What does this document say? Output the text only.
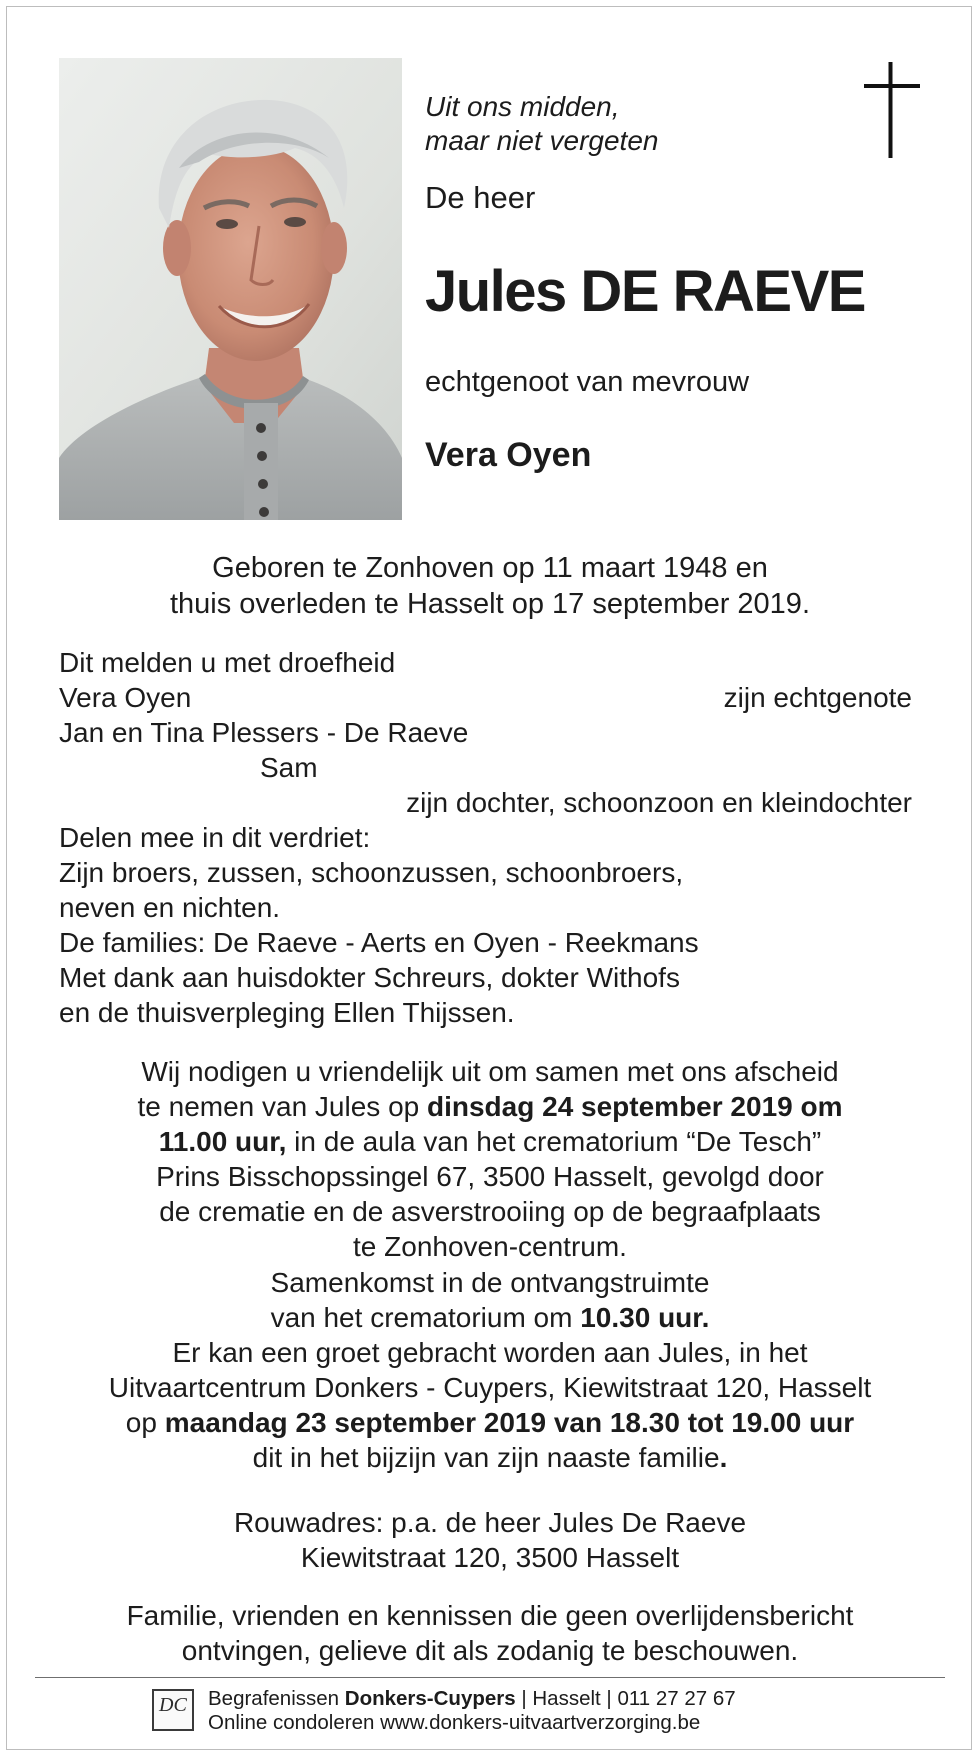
Uit ons midden,
maar niet vergeten
De heer
Jules DE RAEVE
echtgenoot van mevrouw
Vera Oyen
Geboren te Zonhoven op 11 maart 1948 en
thuis overleden te Hasselt op 17 september 2019.
Dit melden u met droefheid
Vera Oyen	zijn echtgenote
Jan en Tina Plessers - De Raeve
Sam
zijn dochter, schoonzoon en kleindochter
Delen mee in dit verdriet:
Zijn broers, zussen, schoonzussen, schoonbroers,
neven en nichten.
De families: De Raeve - Aerts en Oyen - Reekmans
Met dank aan huisdokter Schreurs, dokter Withofs
en de thuisverpleging Ellen Thijssen.
Wij nodigen u vriendelijk uit om samen met ons afscheid
te nemen van Jules op dinsdag 24 september 2019 om
11.00 uur, in de aula van het crematorium “De Tesch”
Prins Bisschopssingel 67, 3500 Hasselt, gevolgd door
de crematie en de asverstrooiing op de begraafplaats
te Zonhoven-centrum.
Samenkomst in de ontvangstruimte
van het crematorium om 10.30 uur.
Er kan een groet gebracht worden aan Jules, in het
Uitvaartcentrum Donkers - Cuypers, Kiewitstraat 120, Hasselt
op maandag 23 september 2019 van 18.30 tot 19.00 uur
dit in het bijzijn van zijn naaste familie.
Rouwadres: p.a. de heer Jules De Raeve
Kiewitstraat 120, 3500 Hasselt
Familie, vrienden en kennissen die geen overlijdensbericht
ontvingen, gelieve dit als zodanig te beschouwen.
DC Begrafenissen Donkers-Cuypers | Hasselt | 011 27 27 67
Online condoleren www.donkers-uitvaartverzorging.be
